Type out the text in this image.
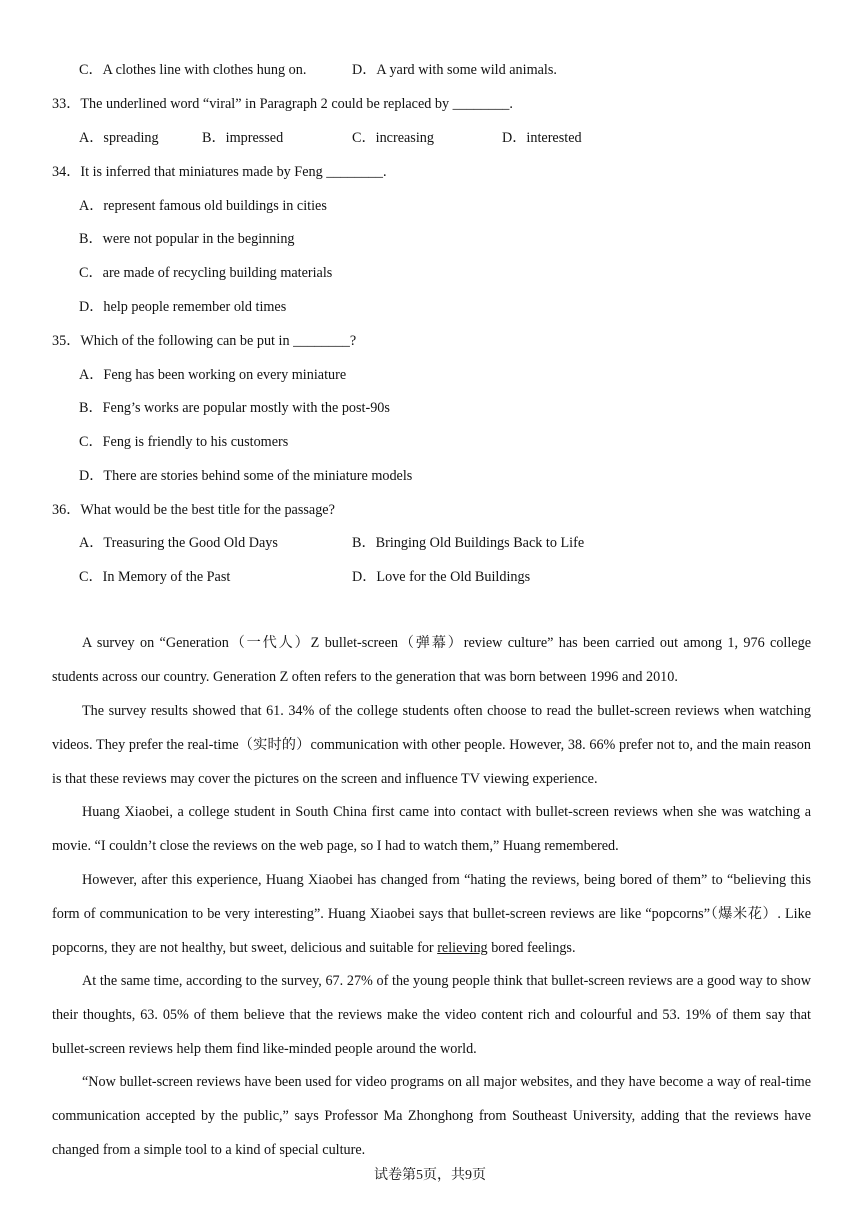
C．A clothes line with clothes hung on.	D．A yard with some wild animals.
33．The underlined word “viral” in Paragraph 2 could be replaced by ________.
A．spreading	B．impressed	C．increasing	D．interested
34．It is inferred that miniatures made by Feng ________.
A．represent famous old buildings in cities
B．were not popular in the beginning
C．are made of recycling building materials
D．help people remember old times
35．Which of the following can be put in ________?
A．Feng has been working on every miniature
B．Feng’s works are popular mostly with the post-90s
C．Feng is friendly to his customers
D．There are stories behind some of the miniature models
36．What would be the best title for the passage?
A．Treasuring the Good Old Days	B．Bringing Old Buildings Back to Life
C．In Memory of the Past	D．Love for the Old Buildings
A survey on “Generation（一代人）Z bullet-screen（弹幕）review culture” has been carried out among 1, 976 college students across our country. Generation Z often refers to the generation that was born between 1996 and 2010.
The survey results showed that 61. 34% of the college students often choose to read the bullet-screen reviews when watching videos. They prefer the real-time（实时的）communication with other people. However, 38. 66% prefer not to, and the main reason is that these reviews may cover the pictures on the screen and influence TV viewing experience.
Huang Xiaobei, a college student in South China first came into contact with bullet-screen reviews when she was watching a movie. “I couldn’t close the reviews on the web page, so I had to watch them,” Huang remembered.
However, after this experience, Huang Xiaobei has changed from “hating the reviews, being bored of them” to “believing this form of communication to be very interesting”. Huang Xiaobei says that bullet-screen reviews are like “popcorns”（爆米花）. Like popcorns, they are not healthy, but sweet, delicious and suitable for relieving bored feelings.
At the same time, according to the survey, 67. 27% of the young people think that bullet-screen reviews are a good way to show their thoughts, 63. 05% of them believe that the reviews make the video content rich and colourful and 53. 19% of them say that bullet-screen reviews help them find like-minded people around the world.
“Now bullet-screen reviews have been used for video programs on all major websites, and they have become a way of real-time communication accepted by the public,” says Professor Ma Zhonghong from Southeast University, adding that the reviews have changed from a simple tool to a kind of special culture.
试卷第5页，共9页
